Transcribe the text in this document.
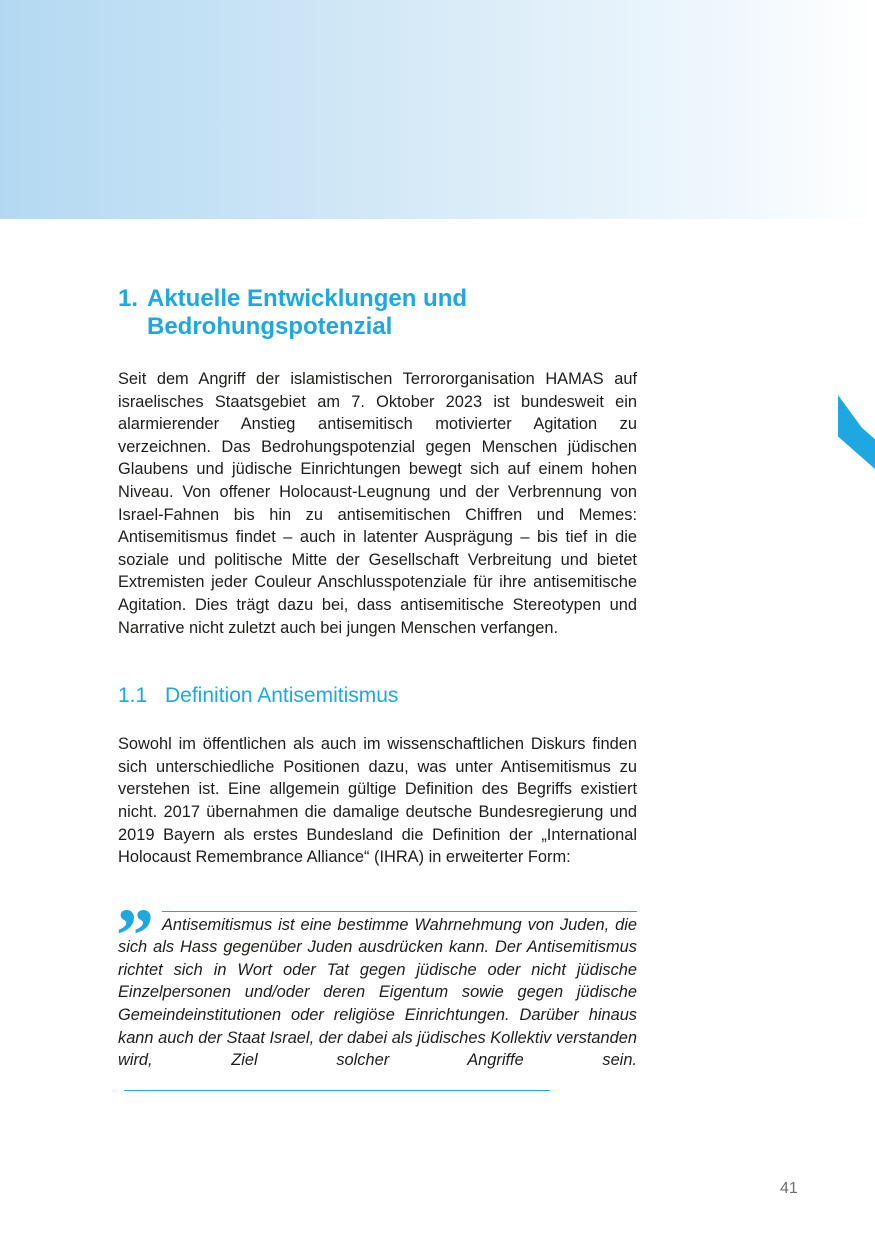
1. Aktuelle Entwicklungen und Bedrohungspotenzial

Seit dem Angriff der islamistischen Terrororganisation HAMAS auf israelisches Staatsgebiet am 7. Oktober 2023 ist bundesweit ein alarmierender Anstieg antisemitisch motivierter Agitation zu verzeichnen. Das Bedrohungspotenzial gegen Menschen jüdischen Glaubens und jüdische Einrichtungen bewegt sich auf einem hohen Niveau. Von offener Holocaust-Leugnung und der Verbrennung von Israel-Fahnen bis hin zu antisemitischen Chiffren und Memes: Antisemitismus findet – auch in latenter Ausprägung – bis tief in die soziale und politische Mitte der Gesellschaft Verbreitung und bietet Extremisten jeder Couleur Anschlusspotenziale für ihre antisemitische Agitation. Dies trägt dazu bei, dass antisemitische Stereotypen und Narrative nicht zuletzt auch bei jungen Menschen verfangen.

1.1 Definition Antisemitismus

Sowohl im öffentlichen als auch im wissenschaftlichen Diskurs finden sich unterschiedliche Positionen dazu, was unter Antisemitismus zu verstehen ist. Eine allgemein gültige Definition des Begriffs existiert nicht. 2017 übernahmen die damalige deutsche Bundesregierung und 2019 Bayern als erstes Bundesland die Definition der „International Holocaust Remembrance Alliance“ (IHRA) in erweiterter Form:

” Antisemitismus ist eine bestimme Wahrnehmung von Juden, die sich als Hass gegenüber Juden ausdrücken kann. Der Antisemitismus richtet sich in Wort oder Tat gegen jüdische oder nicht jüdische Einzelpersonen und/oder deren Eigentum sowie gegen jüdische Gemeindeinstitutionen oder religiöse Einrichtungen. Darüber hinaus kann auch der Staat Israel, der dabei als jüdisches Kollektiv verstanden wird, Ziel solcher Angriffe sein.

41
